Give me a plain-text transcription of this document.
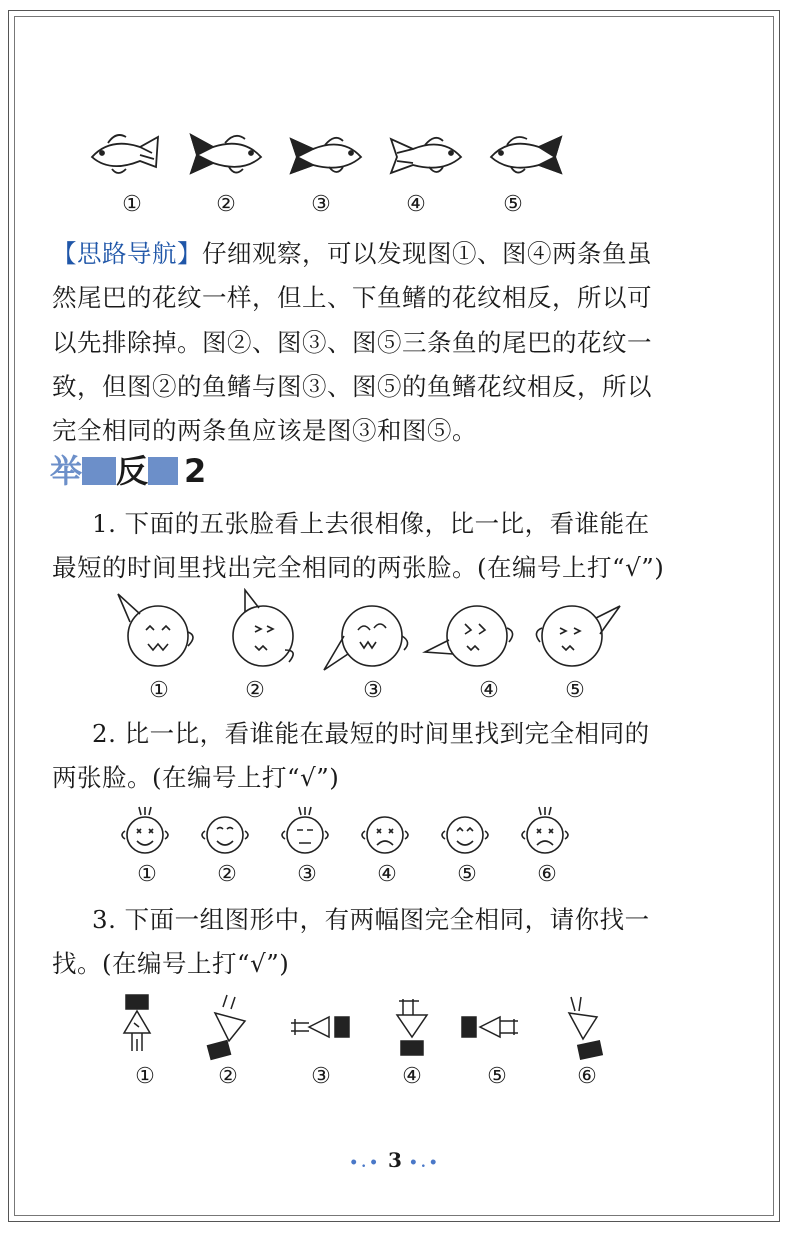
①	②	③	④	⑤
【思路导航】仔细观察，可以发现图①、图④两条鱼虽然尾巴的花纹一样，但上、下鱼鳍的花纹相反，所以可以先排除掉。图②、图③、图⑤三条鱼的尾巴的花纹一致，但图②的鱼鳍与图③、图⑤的鱼鳍花纹相反，所以完全相同的两条鱼应该是图③和图⑤。
举一 反三 2
1. 下面的五张脸看上去很相像，比一比，看谁能在最短的时间里找出完全相同的两张脸。(在编号上打“√”)
①	②	③	④	⑤
2. 比一比，看谁能在最短的时间里找到完全相同的两张脸。(在编号上打“√”)
①	②	③	④	⑤	⑥
3. 下面一组图形中，有两幅图完全相同，请你找一找。(在编号上打“√”)
①	②	③	④	⑤	⑥
•.• 3 •.•
